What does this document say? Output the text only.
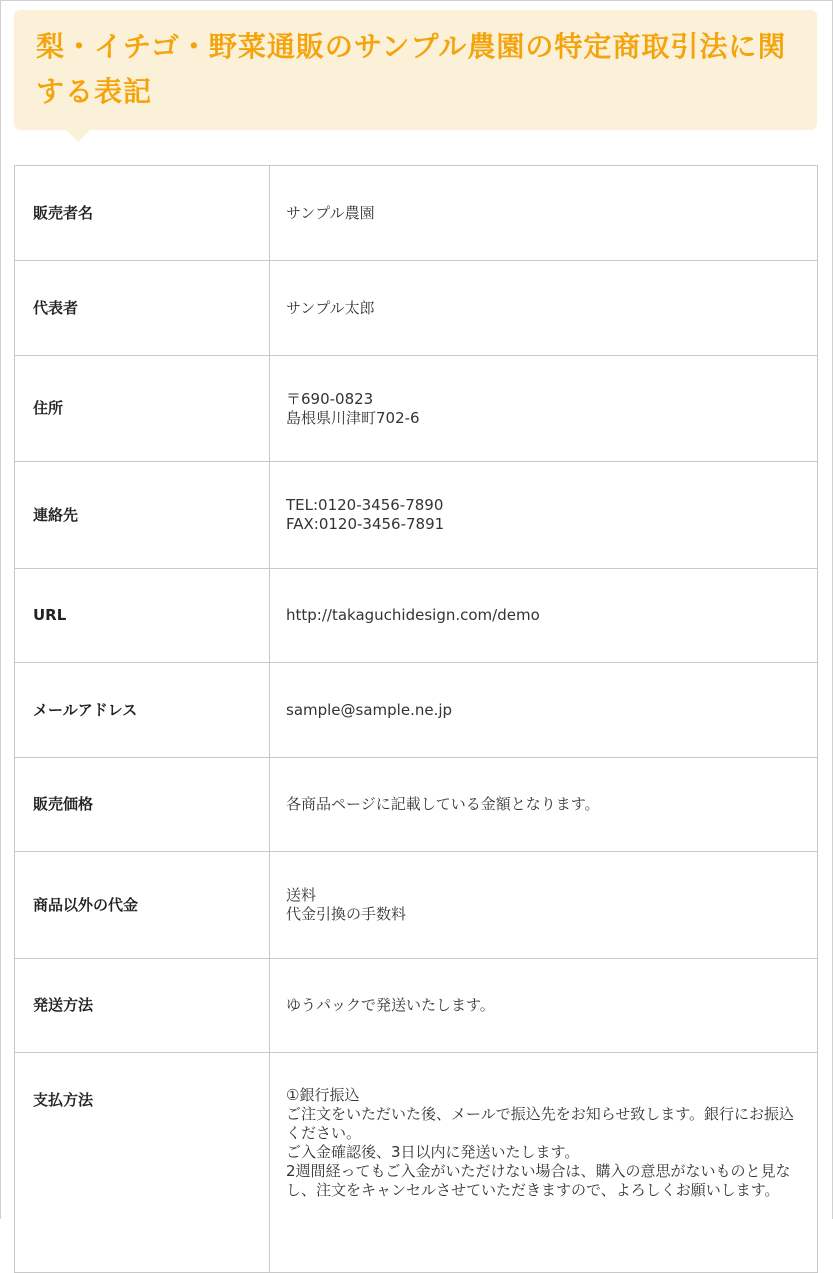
梨・イチゴ・野菜通販のサンプル農園の特定商取引法に関する表記
販売者名	サンプル農園

代表者	サンプル太郎

住所	〒690-0823
島根県川津町702-6

連絡先	TEL:0120-3456-7890
FAX:0120-3456-7891

URL	http://takaguchidesign.com/demo

メールアドレス	sample@sample.ne.jp

販売価格	各商品ページに記載している金額となります。

商品以外の代金	送料
代金引換の手数料

発送方法	ゆうパックで発送いたします。

支払方法	①銀行振込
ご注文をいただいた後、メールで振込先をお知らせ致します。銀行にお振込ください。
ご入金確認後、3日以内に発送いたします。
2週間経ってもご入金がいただけない場合は、購入の意思がないものと見なし、注文をキャンセルさせていただきますので、よろしくお願いします。
